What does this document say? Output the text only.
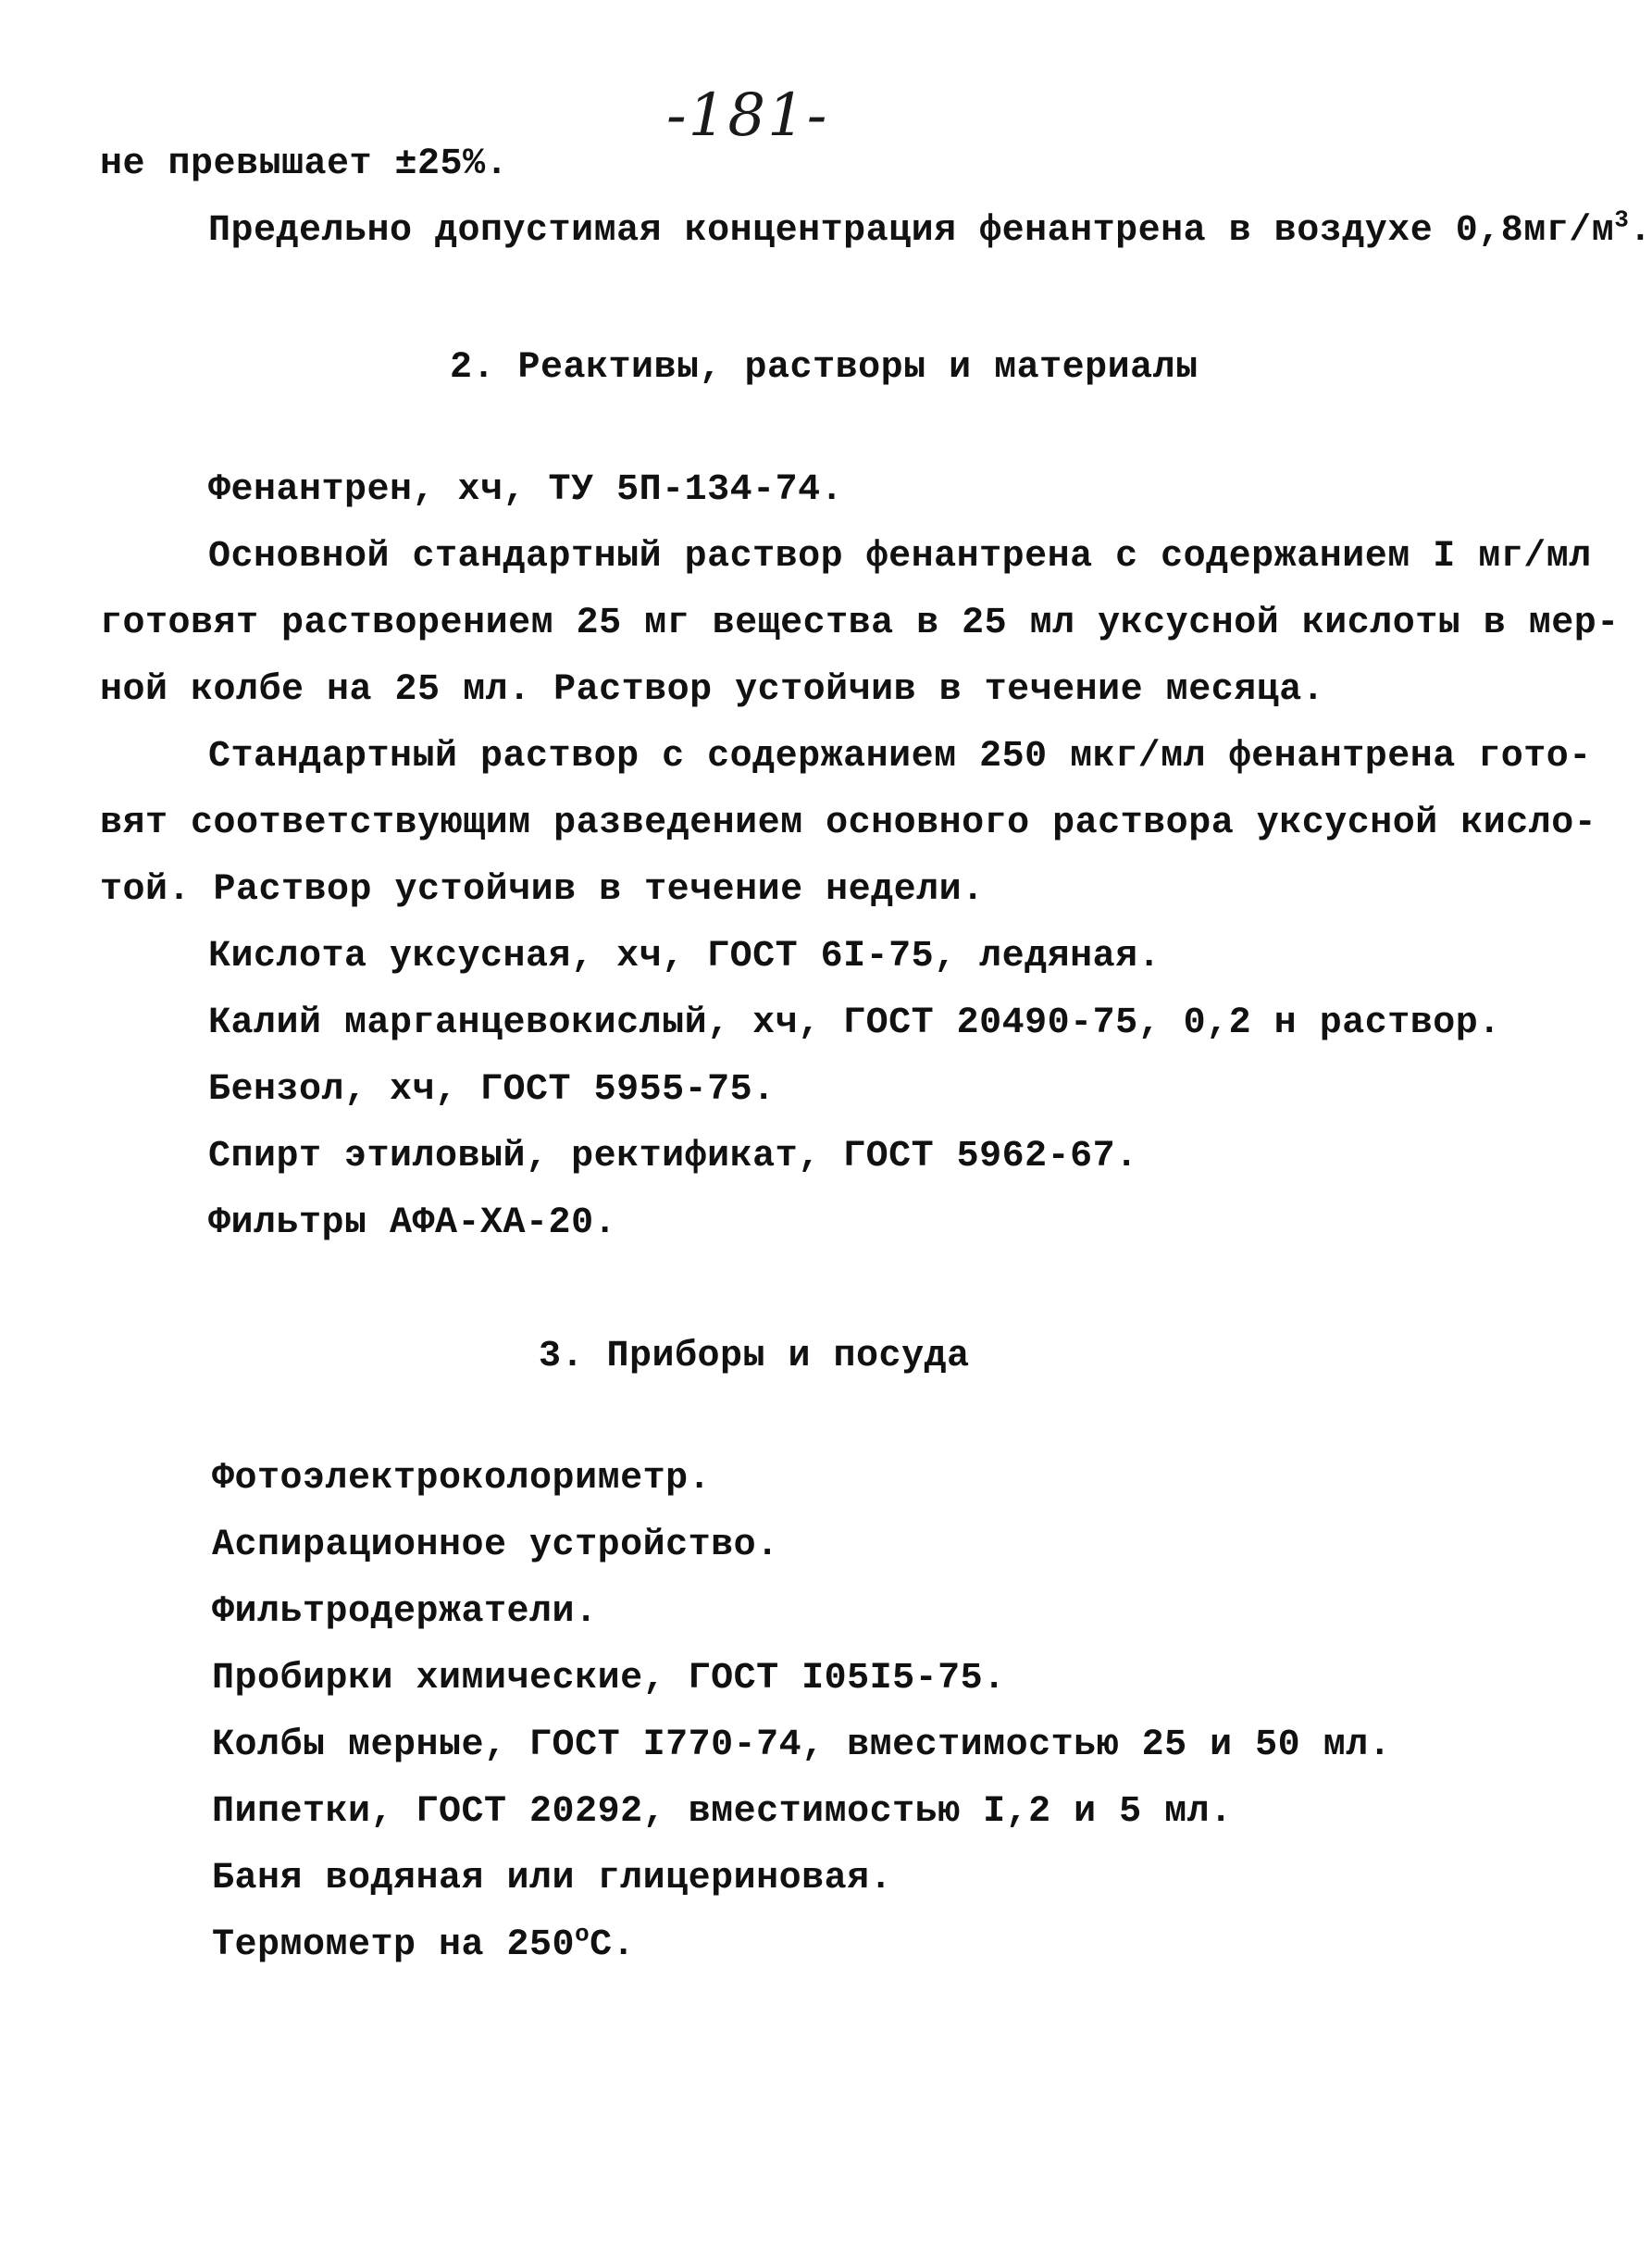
-181-
не превышает ±25%.
Предельно допустимая концентрация фенантрена в воздухе $0,8мг/м^3$.
2. Реактивы, растворы и материалы
Фенантрен, хч, ТУ 5П-134-74.
Основной стандартный раствор фенантрена с содержанием I мг/мл
готовят растворением 25 мг вещества в 25 мл уксусной кислоты в мер-
ной колбе на 25 мл. Раствор устойчив в течение месяца.
Стандартный раствор с содержанием 250 мкг/мл фенантрена гото-
вят соответствующим разведением основного раствора уксусной кисло-
той. Раствор устойчив в течение недели.
Кислота уксусная, хч, ГОСТ 6I-75, ледяная.
Калий марганцевокислый, хч, ГОСТ 20490-75, 0,2 н раствор.
Бензол, хч, ГОСТ 5955-75.
Спирт этиловый, ректификат, ГОСТ 5962-67.
Фильтры АФА-ХА-20.
3. Приборы и посуда
Фотоэлектроколориметр.
Аспирационное устройство.
Фильтродержатели.
Пробирки химические, ГОСТ I05I5-75.
Колбы мерные, ГОСТ I770-74, вместимостью 25 и 50 мл.
Пипетки, ГОСТ 20292, вместимостью I,2 и 5 мл.
Баня водяная или глицериновая.
Термометр на $250^оС$.
